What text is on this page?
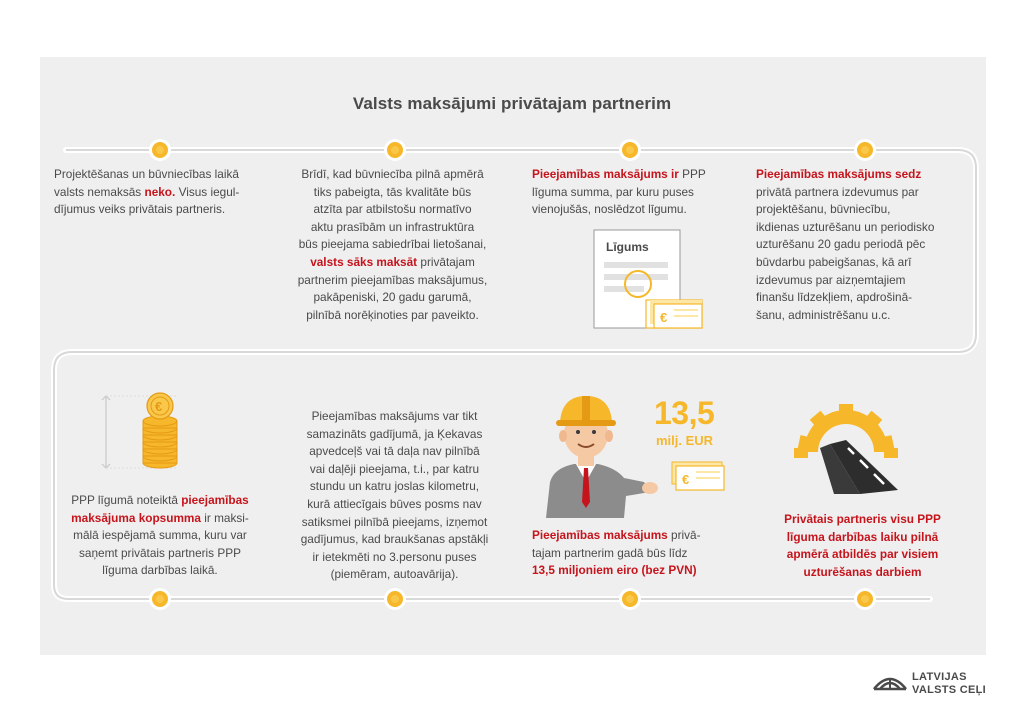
Valsts maksājumi privātajam partnerim
Projektēšanas un būvniecības laikā
valsts nemaksās neko. Visus iegul-
dījumus veiks privātais partneris.
Brīdī, kad būvniecība pilnā apmērā
tiks pabeigta, tās kvalitāte būs
atzīta par atbilstošu normatīvo
aktu prasībām un infrastruktūra
būs pieejama sabiedrībai lietošanai,
valsts sāks maksāt privātajam
partnerim pieejamības maksājumus,
pakāpeniski, 20 gadu garumā,
pilnībā norēķinoties par paveikto.
Pieejamības maksājums ir PPP
līguma summa, par kuru puses
vienojušās, noslēdzot līgumu.
€
Līgums
Pieejamības maksājums sedz
privātā partnera izdevumus par
projektēšanu, būvniecību,
ikdienas uzturēšanu un periodisko
uzturēšanu 20 gadu periodā pēc
būvdarbu pabeigšanas, kā arī
izdevumus par aizņemtajiem
finanšu līdzekļiem, apdrošinā-
šanu, administrēšanu u.c.
€
PPP līgumā noteiktā pieejamības
maksājuma kopsumma ir maksi-
mālā iespējamā summa, kuru var
saņemt privātais partneris PPP
līguma darbības laikā.
Pieejamības maksājums var tikt
samazināts gadījumā, ja Ķekavas
apvedceļš vai tā daļa nav pilnībā
vai daļēji pieejama, t.i., par katru
stundu un katru joslas kilometru,
kurā attiecīgais būves posms nav
satiksmei pilnībā pieejams, izņemot
gadījumus, kad braukšanas apstākļi
ir ietekmēti no 3.personu puses
(piemēram, autoavārija).
€
13,5
milj. EUR
Pieejamības maksājums privā-
tajam partnerim gadā būs līdz
13,5 miljoniem eiro (bez PVN)
Privātais partneris visu PPP
līguma darbības laiku pilnā
apmērā atbildēs par visiem
uzturēšanas darbiem
LATVIJAS
VALSTS CEĻI
